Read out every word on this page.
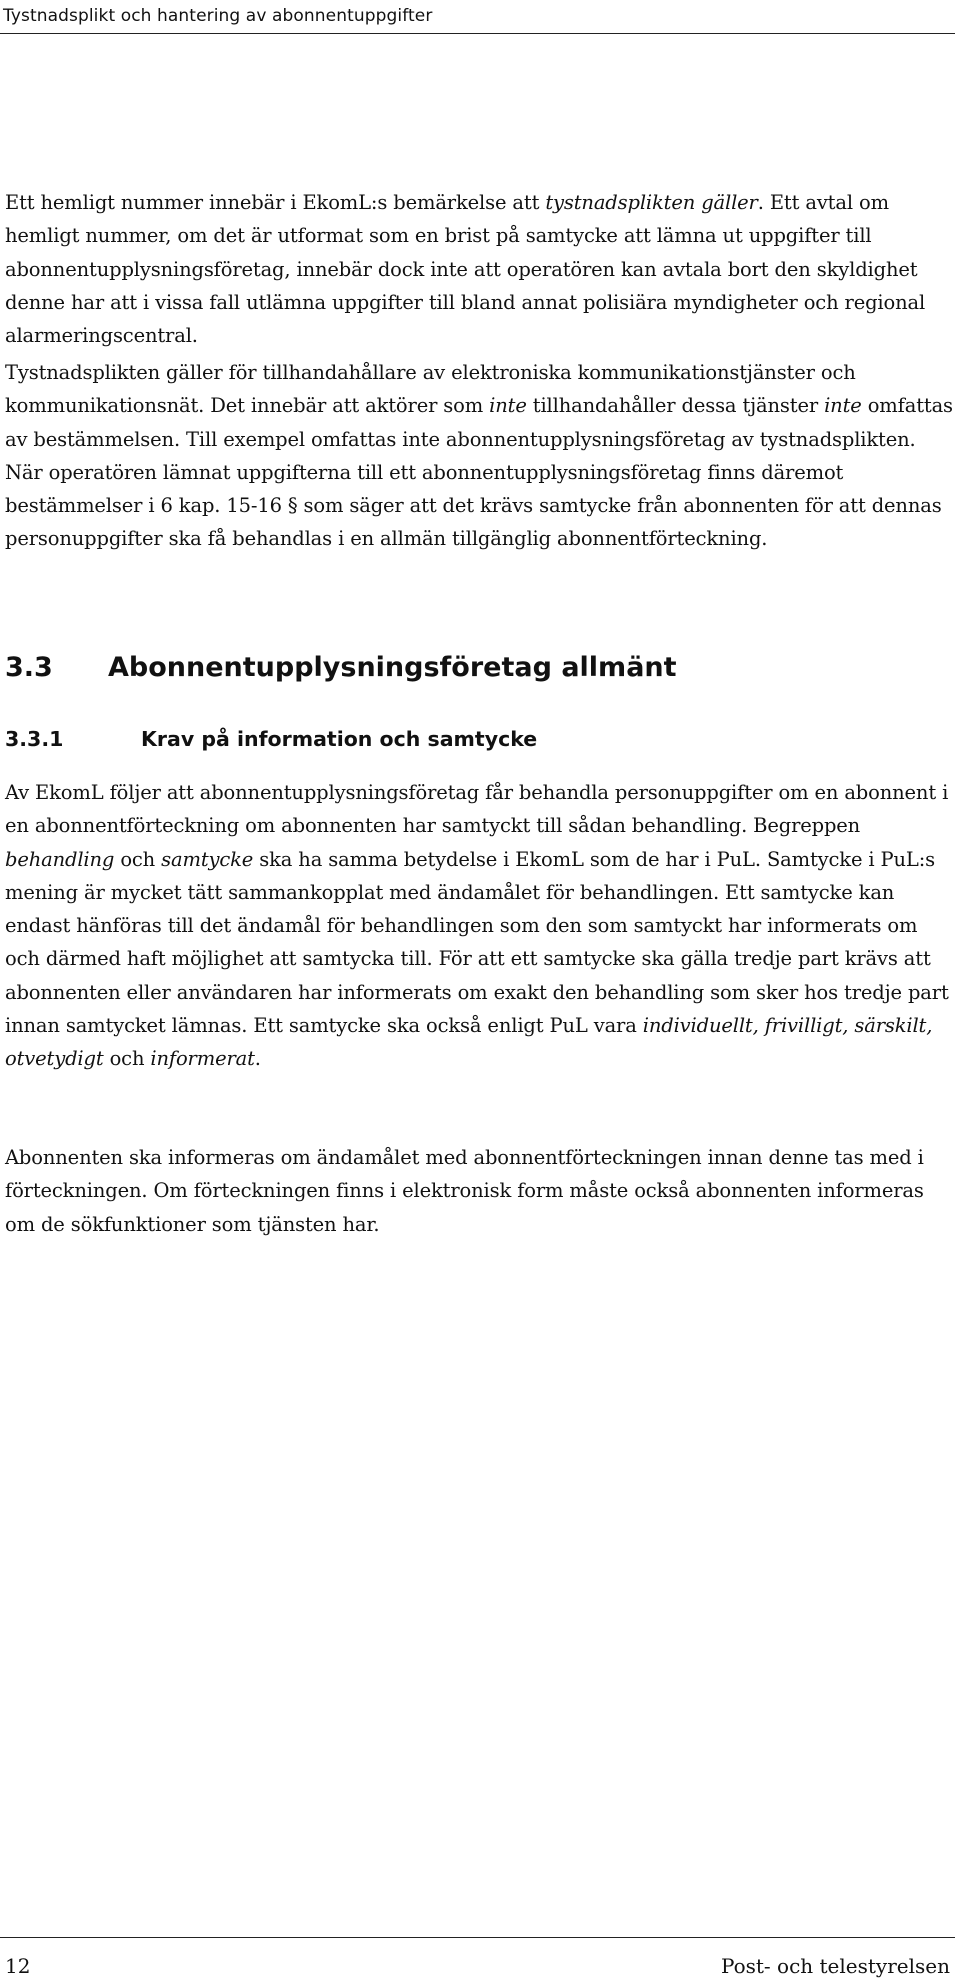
Tystnadsplikt och hantering av abonnentuppgifter

Ett hemligt nummer innebär i EkomL:s bemärkelse att tystnadsplikten gäller. Ett avtal om hemligt nummer, om det är utformat som en brist på samtycke att lämna ut uppgifter till abonnentupplysningsföretag, innebär dock inte att operatören kan avtala bort den skyldighet denne har att i vissa fall utlämna uppgifter till bland annat polisiära myndigheter och regional alarmeringscentral.

Tystnadsplikten gäller för tillhandahållare av elektroniska kommunikationstjänster och kommunikationsnät. Det innebär att aktörer som inte tillhandahåller dessa tjänster inte omfattas av bestämmelsen. Till exempel omfattas inte abonnentupplysningsföretag av tystnadsplikten. När operatören lämnat uppgifterna till ett abonnentupplysningsföretag finns däremot bestämmelser i 6 kap. 15-16 § som säger att det krävs samtycke från abonnenten för att dennas personuppgifter ska få behandlas i en allmän tillgänglig abonnentförteckning.

3.3 Abonnentupplysningsföretag allmänt
3.3.1	Krav på information och samtycke

Av EkomL följer att abonnentupplysningsföretag får behandla personuppgifter om en abonnent i en abonnentförteckning om abonnenten har samtyckt till sådan behandling. Begreppen behandling och samtycke ska ha samma betydelse i EkomL som de har i PuL. Samtycke i PuL:s mening är mycket tätt sammankopplat med ändamålet för behandlingen. Ett samtycke kan endast hänföras till det ändamål för behandlingen som den som samtyckt har informerats om och därmed haft möjlighet att samtycka till. För att ett samtycke ska gälla tredje part krävs att abonnenten eller användaren har informerats om exakt den behandling som sker hos tredje part innan samtycket lämnas. Ett samtycke ska också enligt PuL vara individuellt, frivilligt, särskilt, otvetydigt och informerat.

Abonnenten ska informeras om ändamålet med abonnentförteckningen innan denne tas med i förteckningen. Om förteckningen finns i elektronisk form måste också abonnenten informeras om de sökfunktioner som tjänsten har.

12	Post- och telestyrelsen
